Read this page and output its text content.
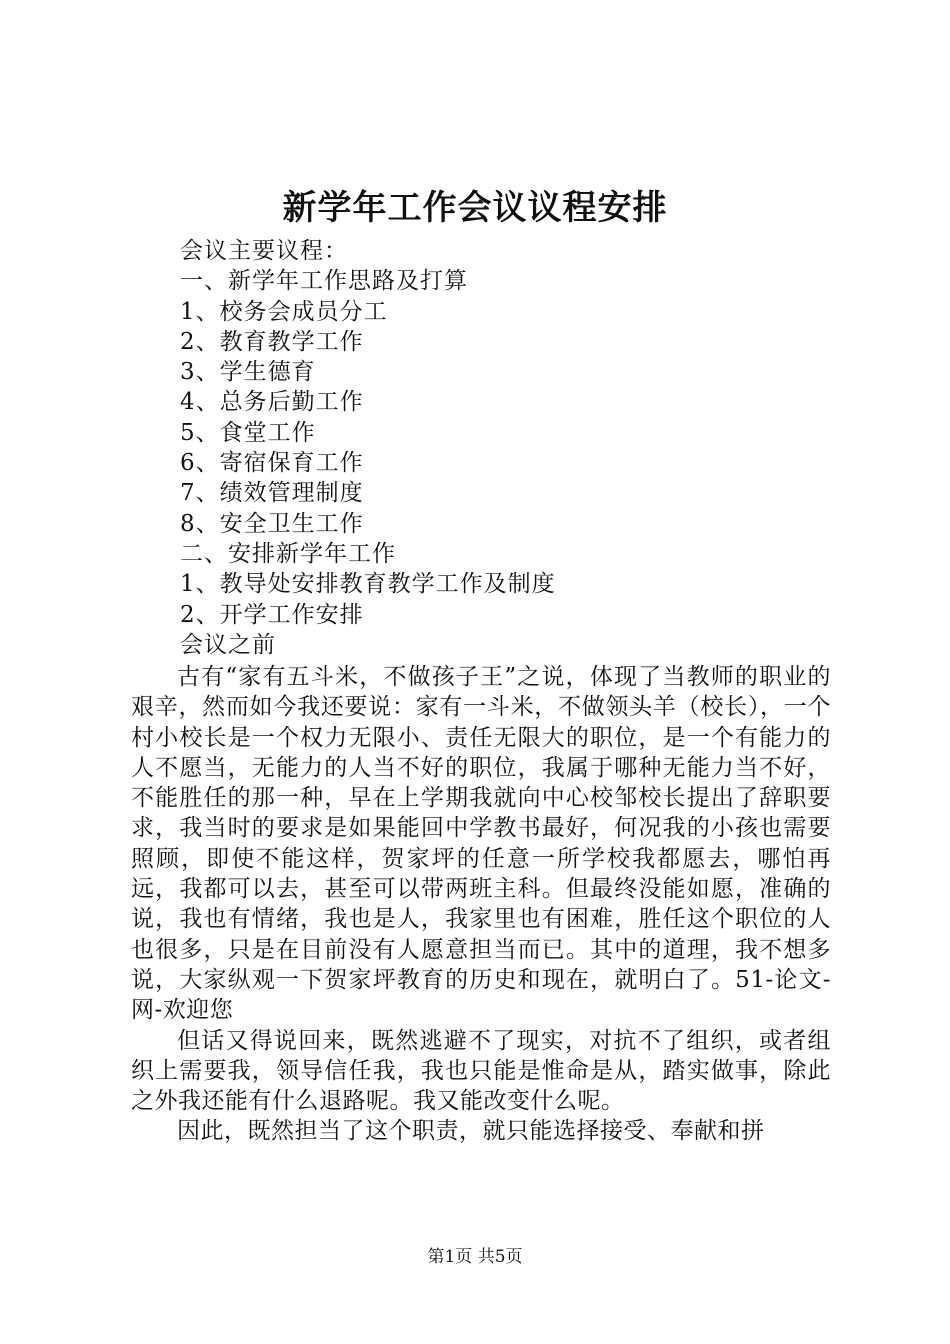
新学年工作会议议程安排
会议主要议程：
一、新学年工作思路及打算
1、校务会成员分工
2、教育教学工作
3、学生德育
4、总务后勤工作
5、食堂工作
6、寄宿保育工作
7、绩效管理制度
8、安全卫生工作
二、安排新学年工作
1、教导处安排教育教学工作及制度
2、开学工作安排
会议之前

古有“家有五斗米，不做孩子王”之说，体现了当教师的职业的艰辛，然而如今我还要说：家有一斗米，不做领头羊（校长），一个村小校长是一个权力无限小、责任无限大的职位，是一个有能力的人不愿当，无能力的人当不好的职位，我属于哪种无能力当不好，不能胜任的那一种，早在上学期我就向中心校邹校长提出了辞职要求，我当时的要求是如果能回中学教书最好，何况我的小孩也需要照顾，即使不能这样，贺家坪的任意一所学校我都愿去，哪怕再远，我都可以去，甚至可以带两班主科。但最终没能如愿，准确的说，我也有情绪，我也是人，我家里也有困难，胜任这个职位的人也很多，只是在目前没有人愿意担当而已。其中的道理，我不想多说，大家纵观一下贺家坪教育的历史和现在，就明白了。51-论文-网-欢迎您

但话又得说回来，既然逃避不了现实，对抗不了组织，或者组织上需要我，领导信任我，我也只能是惟命是从，踏实做事，除此之外我还能有什么退路呢。我又能改变什么呢。

因此，既然担当了这个职责，就只能选择接受、奉献和拼

第1页 共5页
